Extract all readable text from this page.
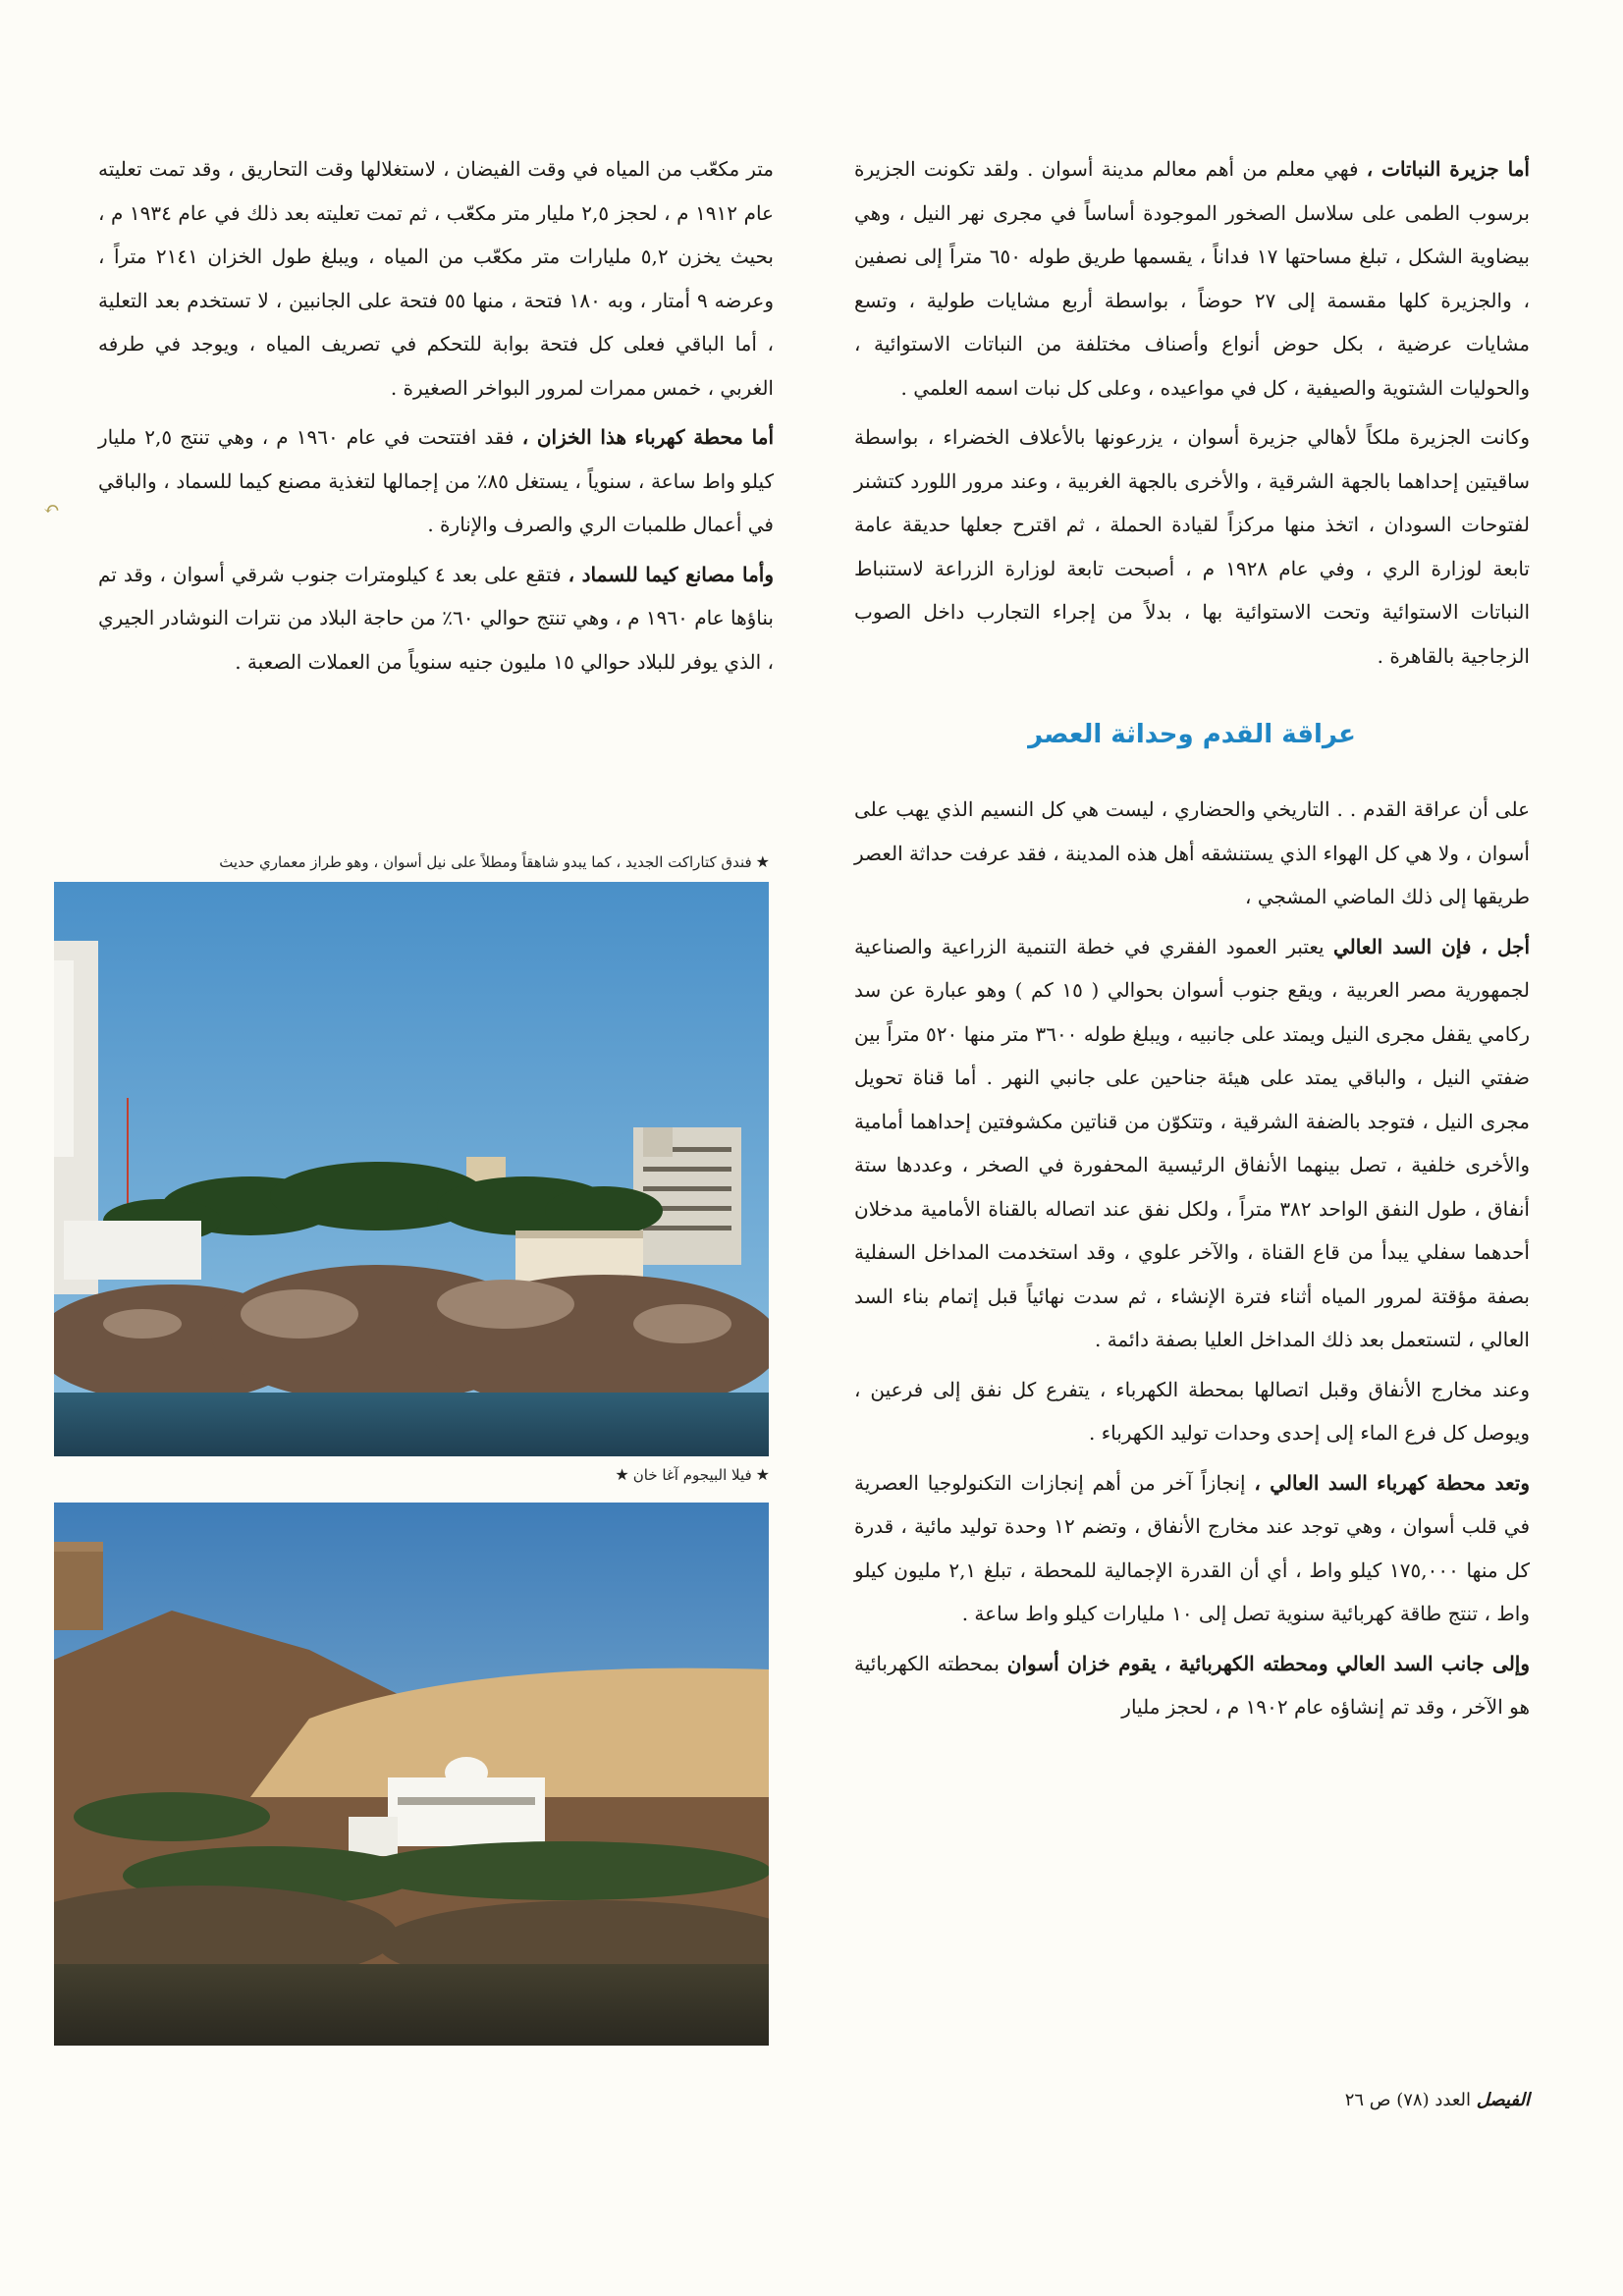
أما جزيرة النباتات ، فهي معلم من أهم معالم مدينة أسوان . ولقد تكونت الجزيرة برسوب الطمى على سلاسل الصخور الموجودة أساساً في مجرى نهر النيل ، وهي بيضاوية الشكل ، تبلغ مساحتها ١٧ فداناً ، يقسمها طريق طوله ٦٥٠ متراً إلى نصفين ، والجزيرة كلها مقسمة إلى ٢٧ حوضاً ، بواسطة أربع مشايات طولية ، وتسع مشايات عرضية ، بكل حوض أنواع وأصناف مختلفة من النباتات الاستوائية ، والحوليات الشتوية والصيفية ، كل في مواعيده ، وعلى كل نبات اسمه العلمي .

وكانت الجزيرة ملكاً لأهالي جزيرة أسوان ، يزرعونها بالأعلاف الخضراء ، بواسطة ساقيتين إحداهما بالجهة الشرقية ، والأخرى بالجهة الغربية ، وعند مرور اللورد كتشنر لفتوحات السودان ، اتخذ منها مركزاً لقيادة الحملة ، ثم اقترح جعلها حديقة عامة تابعة لوزارة الري ، وفي عام ١٩٢٨ م ، أصبحت تابعة لوزارة الزراعة لاستنباط النباتات الاستوائية وتحت الاستوائية بها ، بدلاً من إجراء التجارب داخل الصوب الزجاجية بالقاهرة .

عراقة القدم وحداثة العصر

على أن عراقة القدم . . التاريخي والحضاري ، ليست هي كل النسيم الذي يهب على أسوان ، ولا هي كل الهواء الذي يستنشقه أهل هذه المدينة ، فقد عرفت حداثة العصر طريقها إلى ذلك الماضي المشجي ،

أجل ، فإن السد العالي يعتبر العمود الفقري في خطة التنمية الزراعية والصناعية لجمهورية مصر العربية ، ويقع جنوب أسوان بحوالي ( ١٥ كم ) وهو عبارة عن سد ركامي يقفل مجرى النيل ويمتد على جانبيه ، ويبلغ طوله ٣٦٠٠ متر منها ٥٢٠ متراً بين ضفتي النيل ، والباقي يمتد على هيئة جناحين على جانبي النهر . أما قناة تحويل مجرى النيل ، فتوجد بالضفة الشرقية ، وتتكوّن من قناتين مكشوفتين إحداهما أمامية والأخرى خلفية ، تصل بينهما الأنفاق الرئيسية المحفورة في الصخر ، وعددها ستة أنفاق ، طول النفق الواحد ٣٨٢ متراً ، ولكل نفق عند اتصاله بالقناة الأمامية مدخلان أحدهما سفلي يبدأ من قاع القناة ، والآخر علوي ، وقد استخدمت المداخل السفلية بصفة مؤقتة لمرور المياه أثناء فترة الإنشاء ، ثم سدت نهائياً قبل إتمام بناء السد العالي ، لتستعمل بعد ذلك المداخل العليا بصفة دائمة .

وعند مخارج الأنفاق وقبل اتصالها بمحطة الكهرباء ، يتفرع كل نفق إلى فرعين ، ويوصل كل فرع الماء إلى إحدى وحدات توليد الكهرباء .

وتعد محطة كهرباء السد العالي ، إنجازاً آخر من أهم إنجازات التكنولوجيا العصرية في قلب أسوان ، وهي توجد عند مخارج الأنفاق ، وتضم ١٢ وحدة توليد مائية ، قدرة كل منها ١٧٥,٠٠٠ كيلو واط ، أي أن القدرة الإجمالية للمحطة ، تبلغ ٢,١ مليون كيلو واط ، تنتج طاقة كهربائية سنوية تصل إلى ١٠ مليارات كيلو واط ساعة .

وإلى جانب السد العالي ومحطته الكهربائية ، يقوم خزان أسوان بمحطته الكهربائية هو الآخر ، وقد تم إنشاؤه عام ١٩٠٢ م ، لحجز مليار

متر مكعّب من المياه في وقت الفيضان ، لاستغلالها وقت التحاريق ، وقد تمت تعليته عام ١٩١٢ م ، لحجز ٢,٥ مليار متر مكعّب ، ثم تمت تعليته بعد ذلك في عام ١٩٣٤ م ، بحيث يخزن ٥,٢ مليارات متر مكعّب من المياه ، ويبلغ طول الخزان ٢١٤١ متراً ، وعرضه ٩ أمتار ، وبه ١٨٠ فتحة ، منها ٥٥ فتحة على الجانبين ، لا تستخدم بعد التعلية ، أما الباقي فعلى كل فتحة بوابة للتحكم في تصريف المياه ، ويوجد في طرفه الغربي ، خمس ممرات لمرور البواخر الصغيرة .

أما محطة كهرباء هذا الخزان ، فقد افتتحت في عام ١٩٦٠ م ، وهي تنتج ٢,٥ مليار كيلو واط ساعة ، سنوياً ، يستغل ٨٥٪ من إجمالها لتغذية مصنع كيما للسماد ، والباقي في أعمال طلمبات الري والصرف والإنارة .

وأما مصانع كيما للسماد ، فتقع على بعد ٤ كيلومترات جنوب شرقي أسوان ، وقد تم بناؤها عام ١٩٦٠ م ، وهي تنتج حوالي ٦٠٪ من حاجة البلاد من نترات النوشادر الجيري ، الذي يوفر للبلاد حوالي ١٥ مليون جنيه سنوياً من العملات الصعبة .

↶

★فندق كتاراكت الجديد ، كما يبدو شاهقاً ومطلاً على نيل أسوان ، وهو طراز معماري حديث

★فيلا البيجوم آغا خان★

الفيصل العدد (٧٨) ص ٢٦
